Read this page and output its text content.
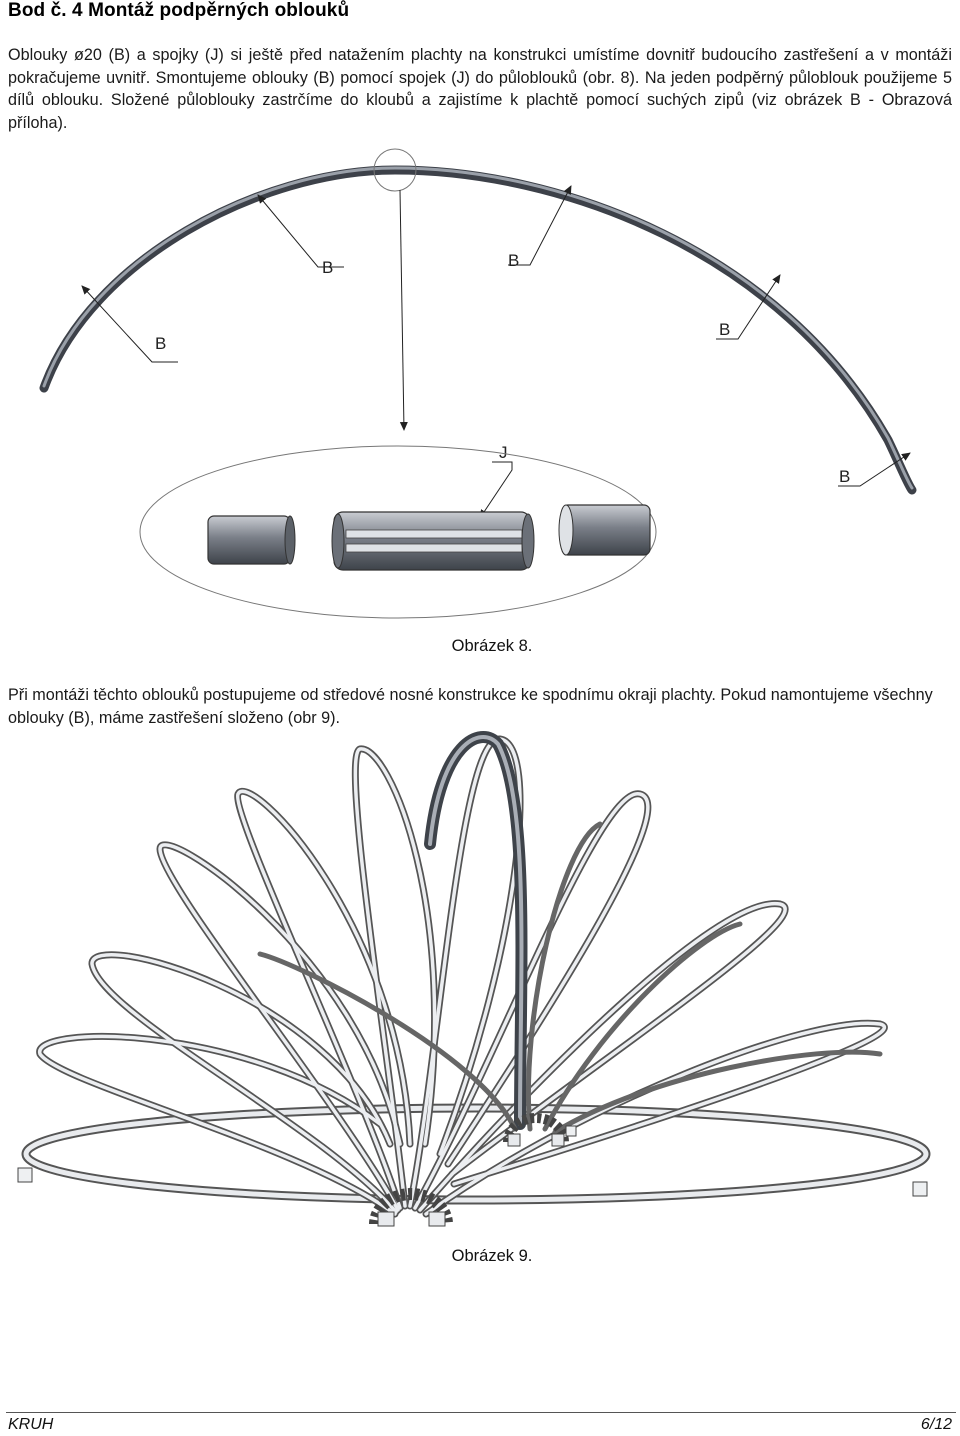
Bod č. 4 Montáž podpěrných oblouků
Oblouky ø20 (B) a spojky (J) si ještě před natažením plachty na konstrukci umístíme dovnitř budoucího zastřešení a v montáži pokračujeme uvnitř. Smontujeme oblouky (B) pomocí spojek (J) do půloblouků (obr. 8). Na jeden podpěrný půloblouk použijeme 5 dílů oblouku. Složené půloblouky zastrčíme do kloubů a zajistíme k plachtě pomocí suchých zipů (viz obrázek B - Obrazová příloha).
B
B	B
B
B
J
Obrázek 8.
Při montáži těchto oblouků postupujeme od středové nosné konstrukce ke spodnímu okraji plachty. Pokud namontujeme všechny oblouky (B), máme zastřešení složeno (obr 9).
Obrázek 9.
KRUH	6/12
